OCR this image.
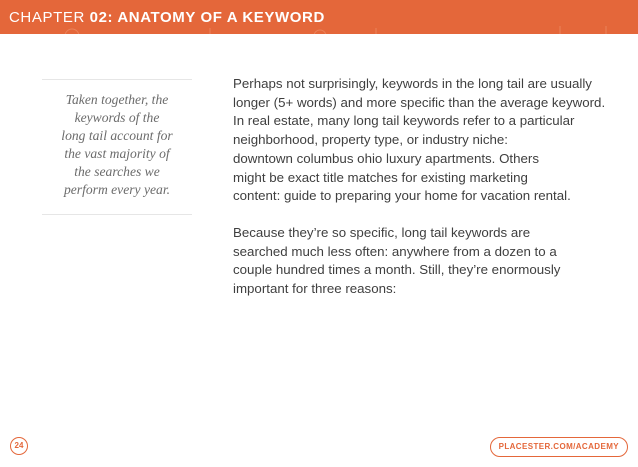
CHAPTER 02: ANATOMY OF A KEYWORD

Taken together, the
keywords of the
long tail account for
the vast majority of
the searches we
perform every year.

Perhaps not surprisingly, keywords in the long tail are usually
longer (5+ words) and more specific than the average keyword.
In real estate, many long tail keywords refer to a particular
neighborhood, property type, or industry niche:
downtown columbus ohio luxury apartments. Others
might be exact title matches for existing marketing
content: guide to preparing your home for vacation rental.

Because they’re so specific, long tail keywords are
searched much less often: anywhere from a dozen to a
couple hundred times a month. Still, they’re enormously
important for three reasons:

24	PLACESTER.COM/ACADEMY
